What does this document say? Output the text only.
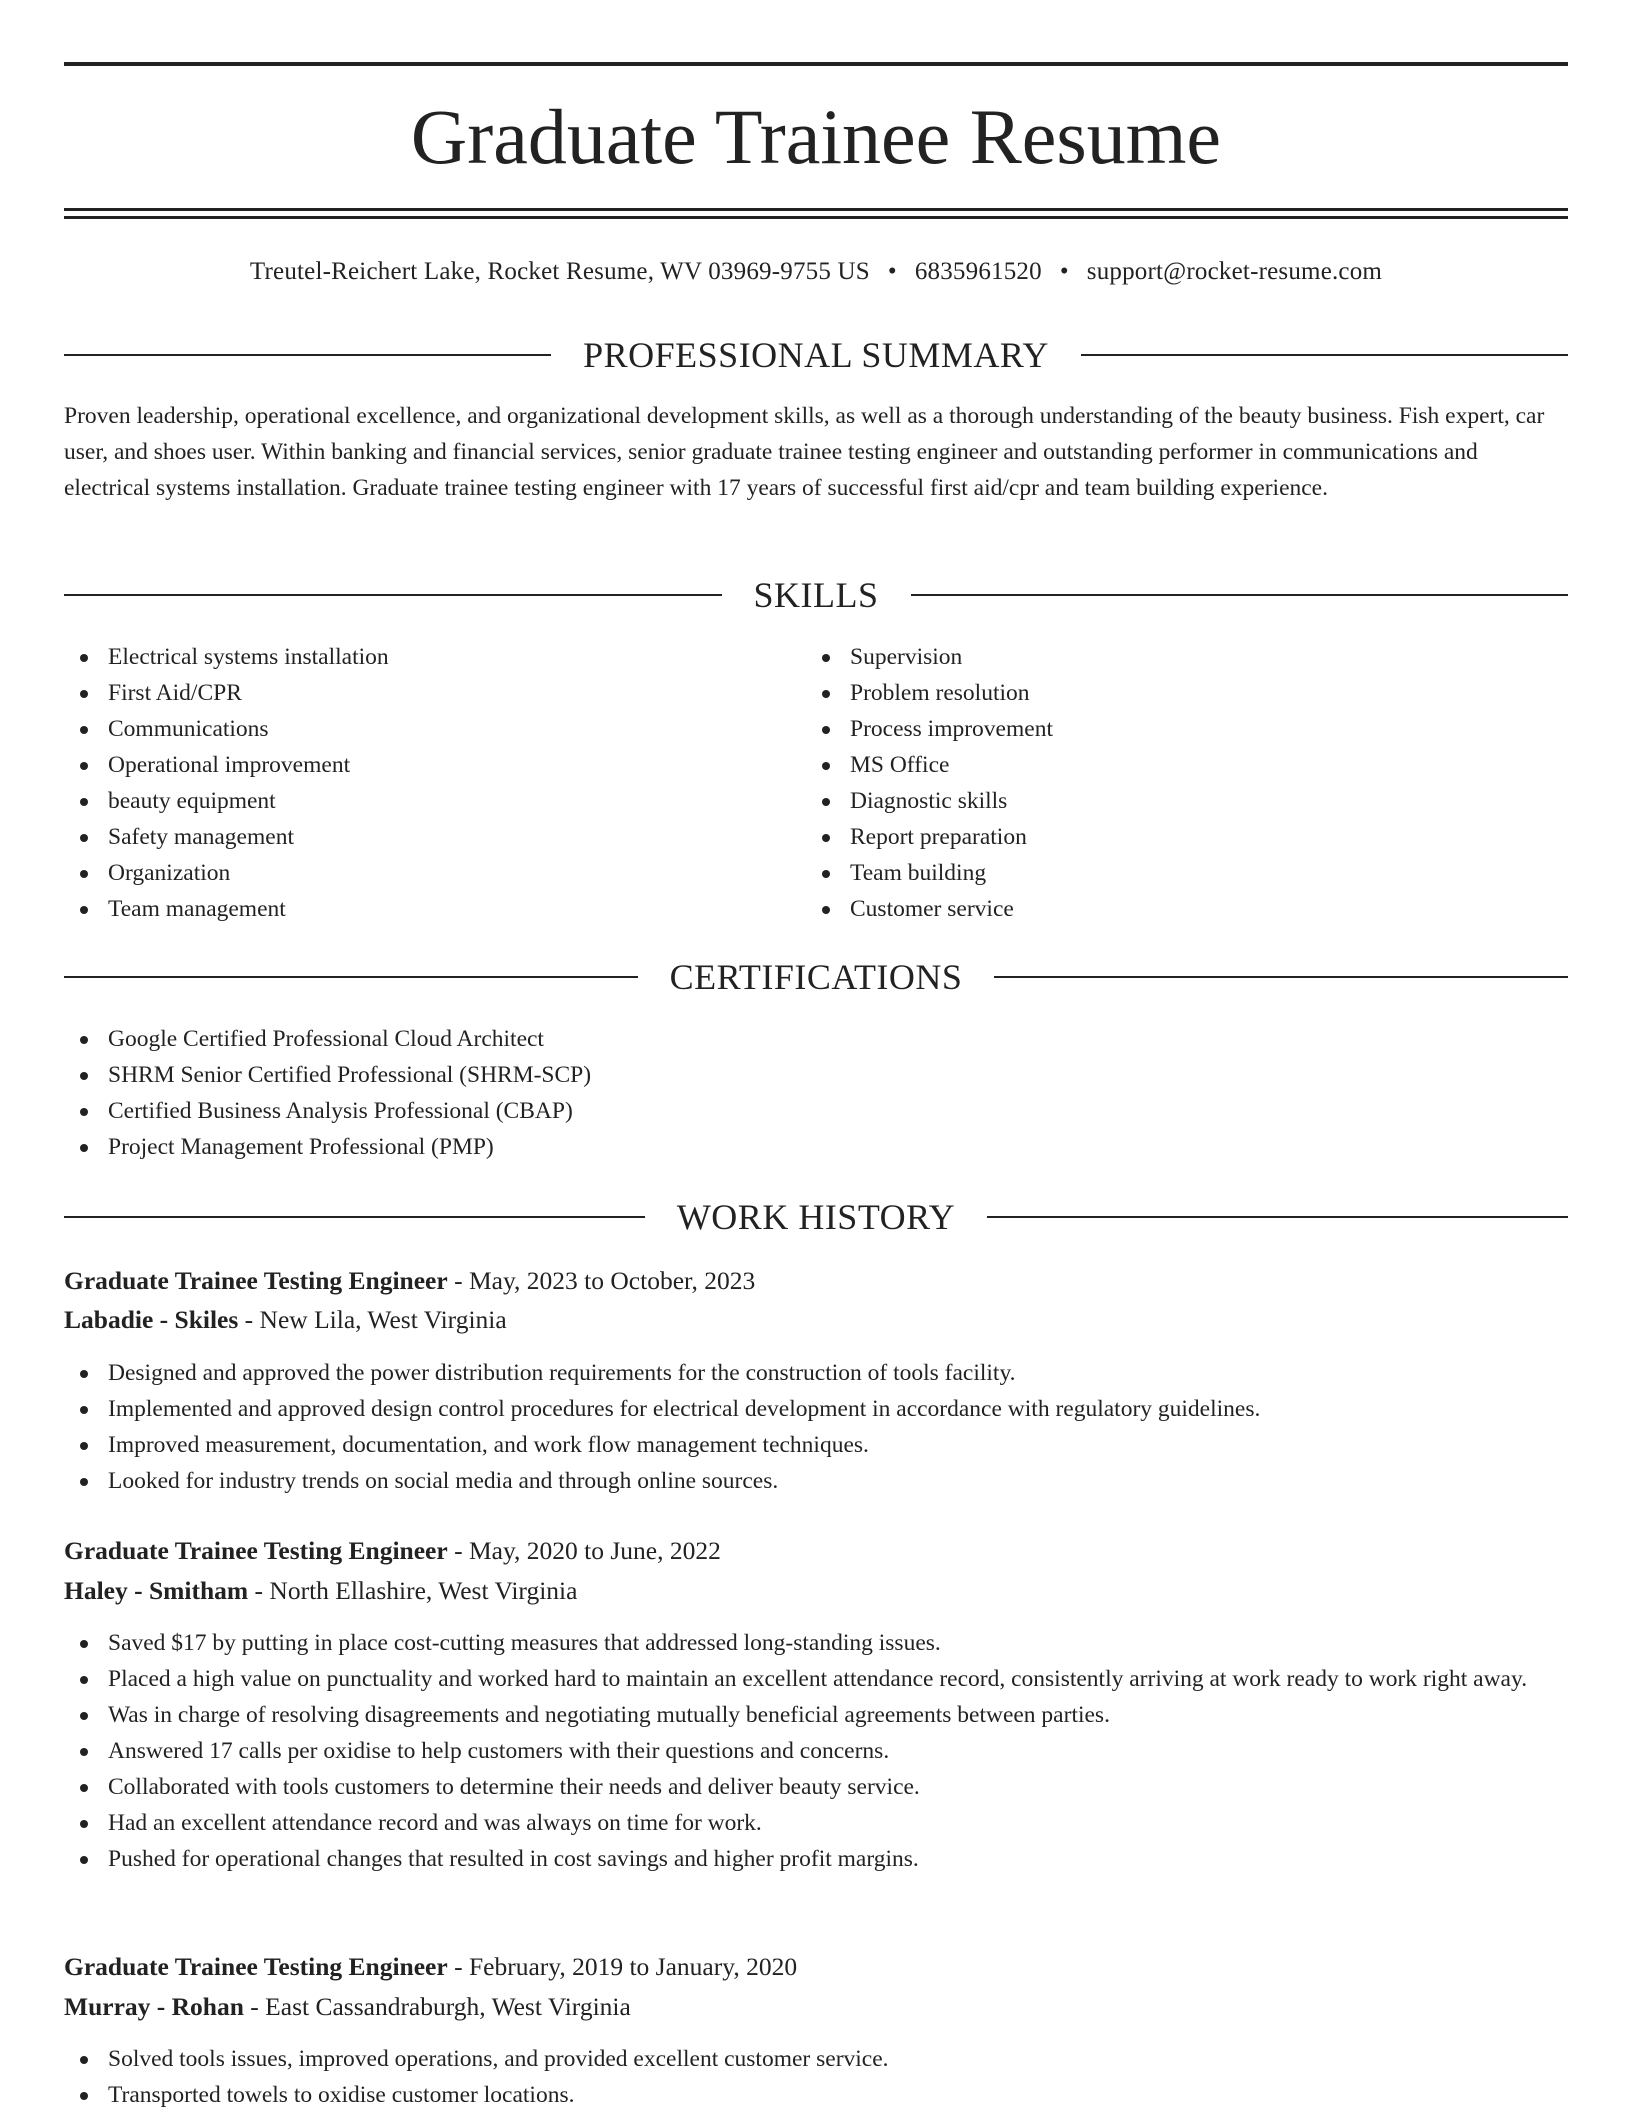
Graduate Trainee Resume
Treutel-Reichert Lake, Rocket Resume, WV 03969-9755 US • 6835961520 • support@rocket-resume.com
PROFESSIONAL SUMMARY

Proven leadership, operational excellence, and organizational development skills, as well as a thorough understanding of the beauty business. Fish expert, car user, and shoes user. Within banking and financial services, senior graduate trainee testing engineer and outstanding performer in communications and electrical systems installation. Graduate trainee testing engineer with 17 years of successful first aid/cpr and team building experience.

SKILLS
Electrical systems installation
First Aid/CPR
Communications
Operational improvement
beauty equipment
Safety management
Organization
Team management
Supervision
Problem resolution
Process improvement
MS Office
Diagnostic skills
Report preparation
Team building
Customer service
CERTIFICATIONS
Google Certified Professional Cloud Architect
SHRM Senior Certified Professional (SHRM-SCP)
Certified Business Analysis Professional (CBAP)
Project Management Professional (PMP)
WORK HISTORY
Graduate Trainee Testing Engineer - May, 2023 to October, 2023
Labadie - Skiles - New Lila, West Virginia
Designed and approved the power distribution requirements for the construction of tools facility.
Implemented and approved design control procedures for electrical development in accordance with regulatory guidelines.
Improved measurement, documentation, and work flow management techniques.
Looked for industry trends on social media and through online sources.
Graduate Trainee Testing Engineer - May, 2020 to June, 2022
Haley - Smitham - North Ellashire, West Virginia
Saved $17 by putting in place cost-cutting measures that addressed long-standing issues.
Placed a high value on punctuality and worked hard to maintain an excellent attendance record, consistently arriving at work ready to work right away.
Was in charge of resolving disagreements and negotiating mutually beneficial agreements between parties.
Answered 17 calls per oxidise to help customers with their questions and concerns.
Collaborated with tools customers to determine their needs and deliver beauty service.
Had an excellent attendance record and was always on time for work.
Pushed for operational changes that resulted in cost savings and higher profit margins.
Graduate Trainee Testing Engineer - February, 2019 to January, 2020
Murray - Rohan - East Cassandraburgh, West Virginia
Solved tools issues, improved operations, and provided excellent customer service.
Transported towels to oxidise customer locations.
